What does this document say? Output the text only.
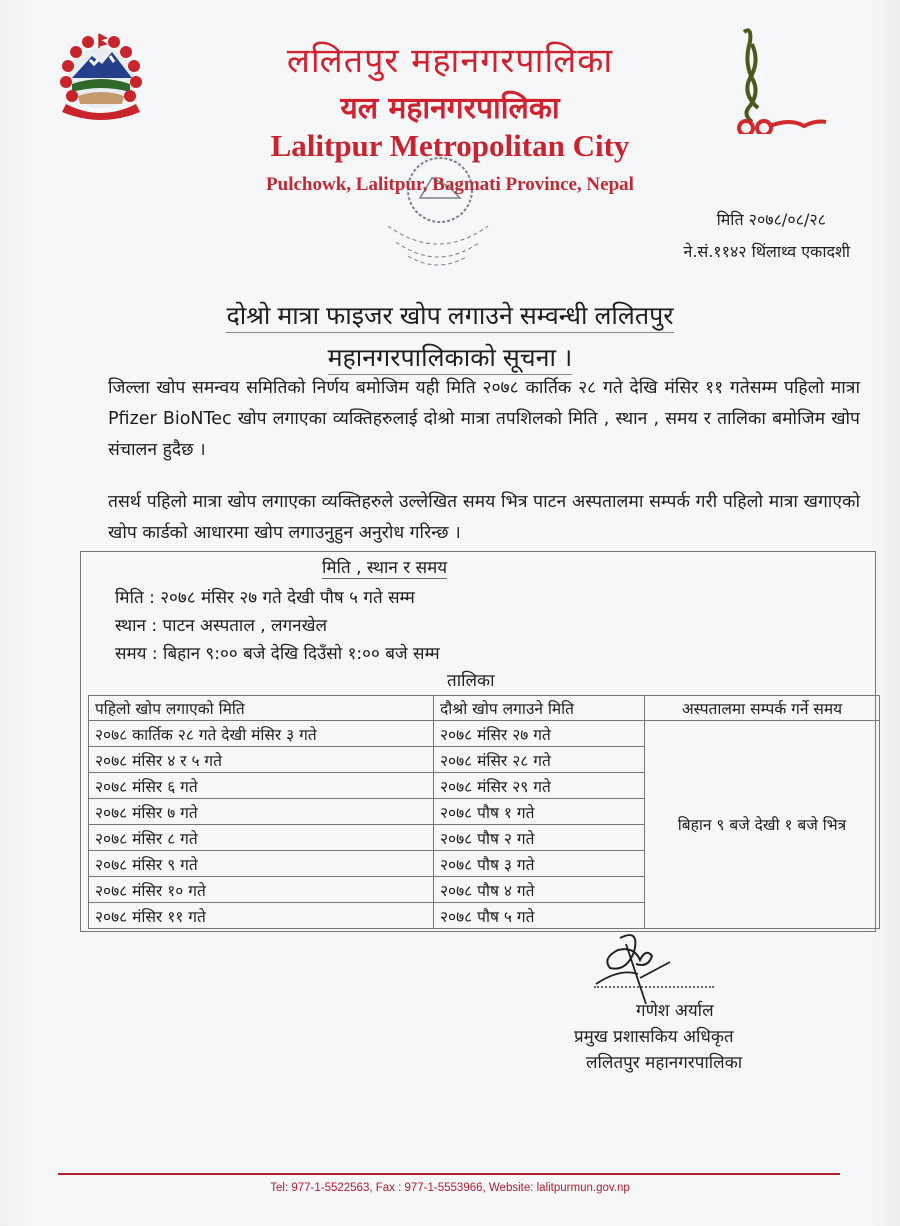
ललितपुर महानगरपालिका
यल महानगरपालिका
Lalitpur Metropolitan City
Pulchowk, Lalitpur, Bagmati Province, Nepal
मिति २०७८/०८/२८
ने.सं.११४२ थिंलाथ्व एकादशी
दोश्रो मात्रा फाइजर खोप लगाउने सम्वन्धी ललितपुर
महानगरपालिकाको सूचना ।
जिल्ला खोप समन्वय समितिको निर्णय बमोजिम यही मिति २०७८ कार्तिक २८ गते देखि मंसिर ११ गतेसम्म पहिलो मात्रा Pfizer BioNTec खोप लगाएका व्यक्तिहरुलाई दोश्रो मात्रा तपशिलको मिति , स्थान , समय र तालिका बमोजिम खोप संचालन हुदैछ ।
तसर्थ पहिलो मात्रा खोप लगाएका व्यक्तिहरुले उल्लेखित समय भित्र पाटन अस्पतालमा सम्पर्क गरी पहिलो मात्रा खगाएको खोप कार्डको आधारमा खोप लगाउनुहुन अनुरोध गरिन्छ ।
मिति , स्थान र समय
मिति : २०७८ मंसिर २७ गते देखी पौष ५ गते सम्म
स्थान : पाटन अस्पताल , लगनखेल
समय : बिहान ९:०० बजे देखि दिउँसो १:०० बजे सम्म
तालिका
पहिलो खोप लगाएको मिति	दौश्रो खोप लगाउने मिति	अस्पतालमा सम्पर्क गर्ने समय
२०७८ कार्तिक २८ गते देखी मंसिर ३ गते	२०७८ मंसिर २७ गते	बिहान ९ बजे देखी १ बजे भित्र
२०७८ मंसिर ४ र ५ गते	२०७८ मंसिर २८ गते	
२०७८ मंसिर ६ गते	२०७८ मंसिर २९ गते	
२०७८ मंसिर ७ गते	२०७८ पौष १ गते	
२०७८ मंसिर ८ गते	२०७८ पौष २ गते	
२०७८ मंसिर ९ गते	२०७८ पौष ३ गते	
२०७८ मंसिर १० गते	२०७८ पौष ४ गते	
२०७८ मंसिर ११ गते	२०७८ पौष ५ गते	
गणेश अर्याल
प्रमुख प्रशासकिय अधिकृत
ललितपुर महानगरपालिका
Tel: 977-1-5522563, Fax : 977-1-5553966, Website: lalitpurmun.gov.np
